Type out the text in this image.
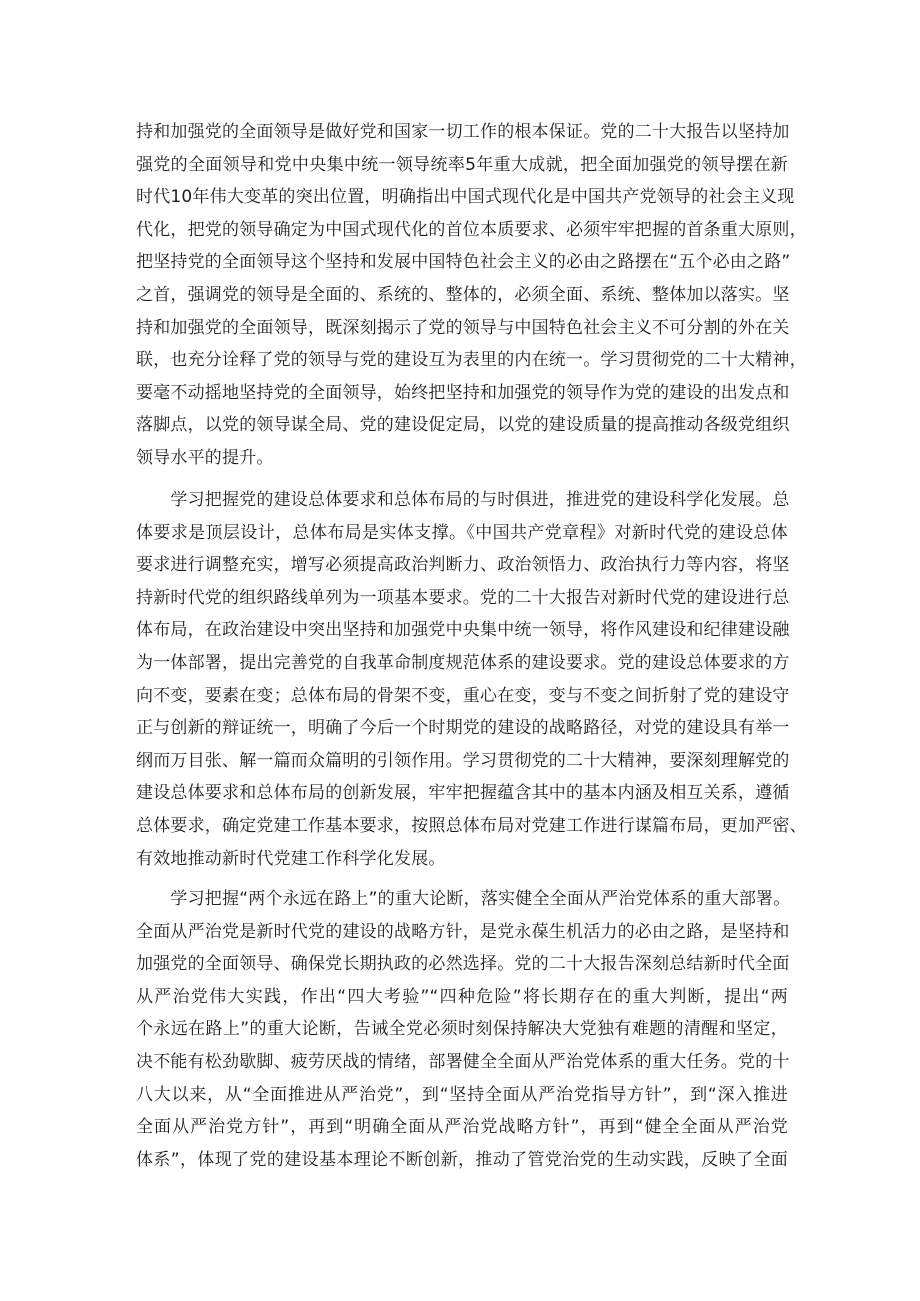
持和加强党的全面领导是做好党和国家一切工作的根本保证。党的二十大报告以坚持加
强党的全面领导和党中央集中统一领导统率5年重大成就，把全面加强党的领导摆在新
时代10年伟大变革的突出位置，明确指出中国式现代化是中国共产党领导的社会主义现
代化，把党的领导确定为中国式现代化的首位本质要求、必须牢牢把握的首条重大原则，
把坚持党的全面领导这个坚持和发展中国特色社会主义的必由之路摆在“五个必由之路”
之首，强调党的领导是全面的、系统的、整体的，必须全面、系统、整体加以落实。坚
持和加强党的全面领导，既深刻揭示了党的领导与中国特色社会主义不可分割的外在关
联，也充分诠释了党的领导与党的建设互为表里的内在统一。学习贯彻党的二十大精神，
要毫不动摇地坚持党的全面领导，始终把坚持和加强党的领导作为党的建设的出发点和
落脚点，以党的领导谋全局、党的建设促定局，以党的建设质量的提高推动各级党组织
领导水平的提升。
　　学习把握党的建设总体要求和总体布局的与时俱进，推进党的建设科学化发展。总
体要求是顶层设计，总体布局是实体支撑。《中国共产党章程》对新时代党的建设总体
要求进行调整充实，增写必须提高政治判断力、政治领悟力、政治执行力等内容，将坚
持新时代党的组织路线单列为一项基本要求。党的二十大报告对新时代党的建设进行总
体布局，在政治建设中突出坚持和加强党中央集中统一领导，将作风建设和纪律建设融
为一体部署，提出完善党的自我革命制度规范体系的建设要求。党的建设总体要求的方
向不变，要素在变；总体布局的骨架不变，重心在变，变与不变之间折射了党的建设守
正与创新的辩证统一，明确了今后一个时期党的建设的战略路径，对党的建设具有举一
纲而万目张、解一篇而众篇明的引领作用。学习贯彻党的二十大精神，要深刻理解党的
建设总体要求和总体布局的创新发展，牢牢把握蕴含其中的基本内涵及相互关系，遵循
总体要求，确定党建工作基本要求，按照总体布局对党建工作进行谋篇布局，更加严密、
有效地推动新时代党建工作科学化发展。
　　学习把握“两个永远在路上”的重大论断，落实健全全面从严治党体系的重大部署。
全面从严治党是新时代党的建设的战略方针，是党永葆生机活力的必由之路，是坚持和
加强党的全面领导、确保党长期执政的必然选择。党的二十大报告深刻总结新时代全面
从严治党伟大实践，作出“四大考验”“四种危险”将长期存在的重大判断，提出“两
个永远在路上”的重大论断，告诫全党必须时刻保持解决大党独有难题的清醒和坚定，
决不能有松劲歇脚、疲劳厌战的情绪，部署健全全面从严治党体系的重大任务。党的十
八大以来，从“全面推进从严治党”，到“坚持全面从严治党指导方针”，到“深入推进
全面从严治党方针”，再到“明确全面从严治党战略方针”，再到“健全全面从严治党
体系”，体现了党的建设基本理论不断创新，推动了管党治党的生动实践，反映了全面
